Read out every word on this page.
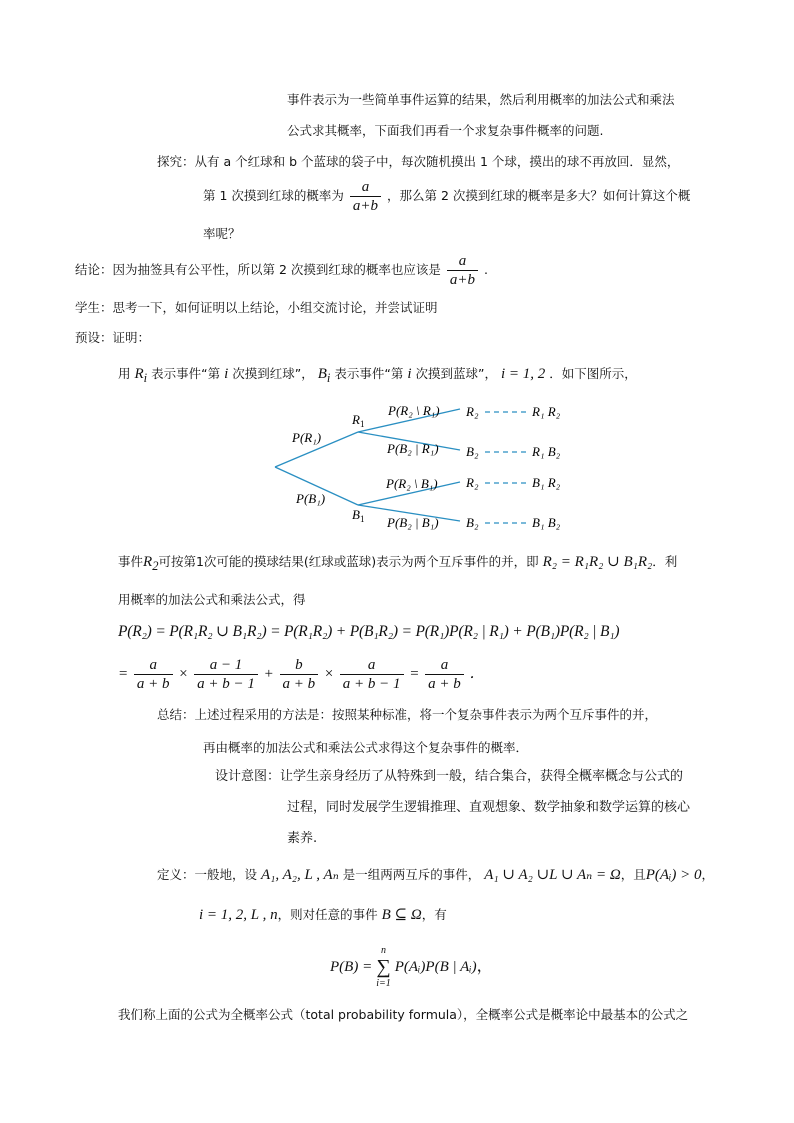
事件表示为一些简单事件运算的结果，然后利用概率的加法公式和乘法
公式求其概率，下面我们再看一个求复杂事件概率的问题.
探究：从有 a 个红球和 b 个蓝球的袋子中，每次随机摸出 1 个球，摸出的球不再放回．显然，
第 1 次摸到红球的概率为 $\frac{a}{a+b}$ ，那么第 2 次摸到红球的概率是多大？如何计算这个概
率呢？
结论：因为抽签具有公平性，所以第 2 次摸到红球的概率也应该是 $\frac{a}{a+b}$ .
学生：思考一下，如何证明以上结论，小组交流讨论，并尝试证明
预设：证明：
用 $R_i$ 表示事件“第 i 次摸到红球”， $B_i$ 表示事件“第 i 次摸到蓝球”， i = 1, 2 ．如下图所示，
$R_1$
$B_1$
P(R₁)
P(B₁)
P(R₂ \ R₁)
P(B₂ | R₁)
P(R₂ \ B₁)
P(B₂ | B₁)
R₂
B₂
R₂
B₂
R₁ R₂
R₁ B₂
B₁ R₂
B₁ B₂
事件$R_2$可按第1次可能的摸球结果(红球或蓝球)表示为两个互斥事件的并，即 R₂ = R₁R₂ ∪ B₁R₂．利
用概率的加法公式和乘法公式，得
P(R₂) = P(R₁R₂ ∪ B₁R₂) = P(R₁R₂) + P(B₁R₂) = P(R₁)P(R₂ | R₁) + P(B₁)P(R₂ | B₁)
= $\frac{a}{a + b} \times \frac{a - 1}{a + b - 1} + \frac{b}{a + b} \times \frac{a}{a + b - 1} = \frac{a}{a + b}$ ．
总结：上述过程采用的方法是：按照某种标准，将一个复杂事件表示为两个互斥事件的并，
再由概率的加法公式和乘法公式求得这个复杂事件的概率．
设计意图：让学生亲身经历了从特殊到一般，结合集合，获得全概率概念与公式的
过程，同时发展学生逻辑推理、直观想象、数学抽象和数学运算的核心
素养.
定义：一般地，设 A₁, A₂, L , Aₙ 是一组两两互斥的事件， A₁ ∪ A₂ ∪L ∪ Aₙ = Ω，且P(Aᵢ) > 0，
i = 1, 2, L , n，则对任意的事件 B ⊆ Ω，有
P(B) =
n
∑
i=1
P(Aᵢ)P(B | Aᵢ)，
我们称上面的公式为全概率公式（total probability formula），全概率公式是概率论中最基本的公式之
